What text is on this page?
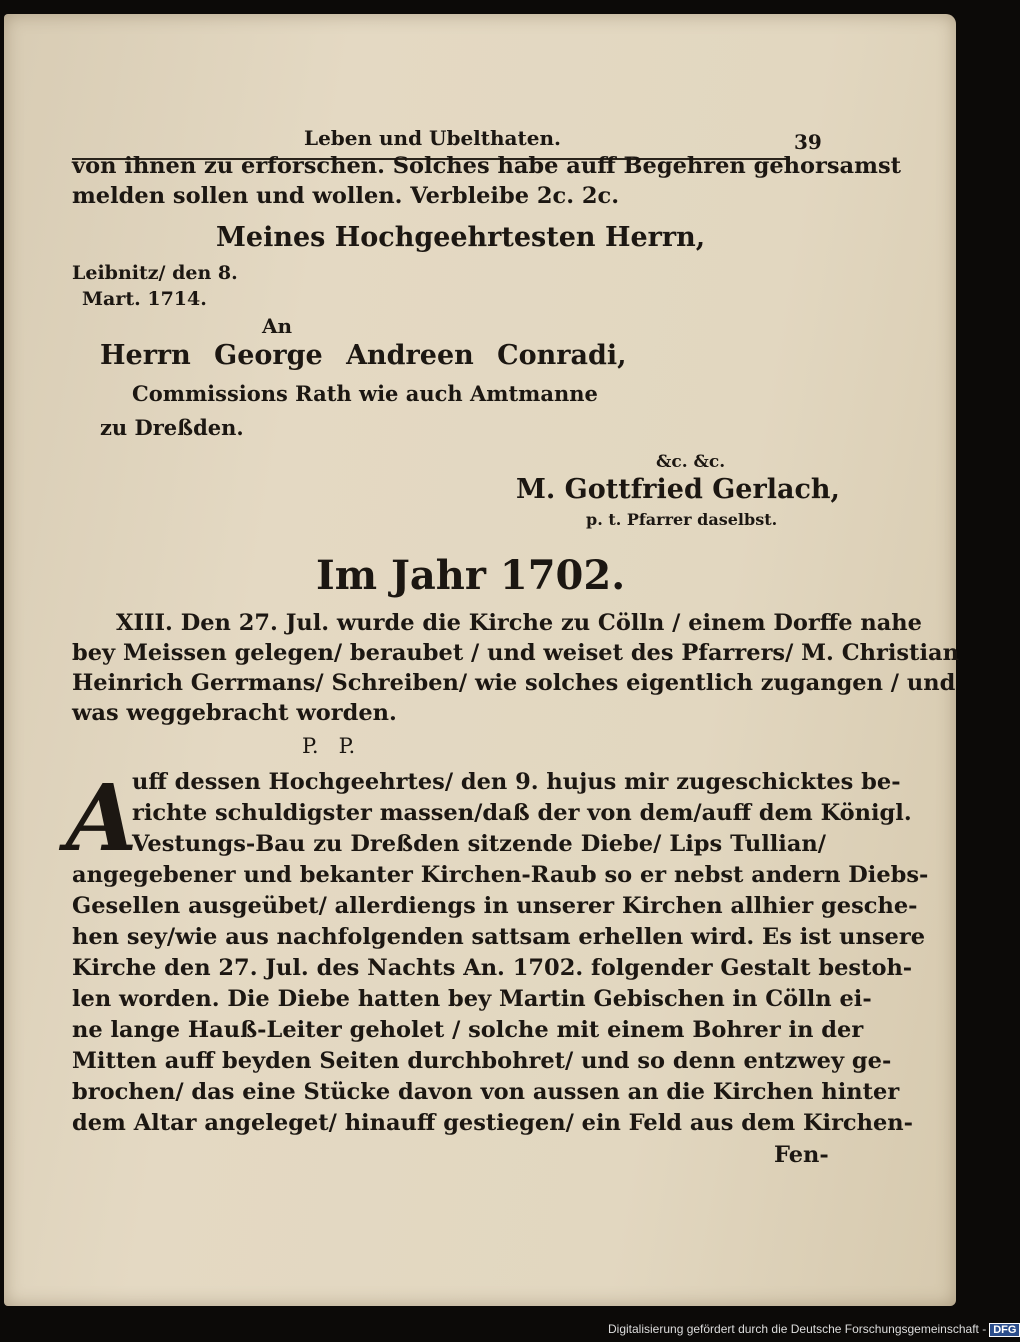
Leben und Ubelthaten.	39
von ihnen zu erforschen. Solches habe auff Begehren gehorsamst
melden sollen und wollen. Verbleibe 2c. 2c.
Meines Hochgeehrtesten Herrn,
Leibnitz/ den 8.
Mart. 1714.
An
Herrn George Andreen Conradi,
Commissions Rath wie auch Amtmanne
zu Dreßden.
&c. &c.
M. Gottfried Gerlach,
p. t. Pfarrer daselbst.
Im Jahr 1702.
XIII. Den 27. Jul. wurde die Kirche zu Cölln / einem Dorffe nahe
bey Meissen gelegen/ beraubet / und weiset des Pfarrers/ M. Christian
Heinrich Gerrmans/ Schreiben/ wie solches eigentlich zugangen / und
was weggebracht worden.
P.   P.
A
uff dessen Hochgeehrtes/ den 9. hujus mir zugeschicktes be-
richte schuldigster massen/daß der von dem/auff dem Königl.
Vestungs-Bau zu Dreßden sitzende Diebe/ Lips Tullian/
angegebener und bekanter Kirchen-Raub so er nebst andern Diebs-
Gesellen ausgeübet/ allerdiengs in unserer Kirchen allhier gesche-
hen sey/wie aus nachfolgenden sattsam erhellen wird. Es ist unsere
Kirche den 27. Jul. des Nachts An. 1702. folgender Gestalt bestoh-
len worden. Die Diebe hatten bey Martin Gebischen in Cölln ei-
ne lange Hauß-Leiter geholet / solche mit einem Bohrer in der
Mitten auff beyden Seiten durchbohret/ und so denn entzwey ge-
brochen/ das eine Stücke davon von aussen an die Kirchen hinter
dem Altar angeleget/ hinauff gestiegen/ ein Feld aus dem Kirchen-
Fen-
Digitalisierung gefördert durch die Deutsche Forschungsgemeinschaft - DFG
